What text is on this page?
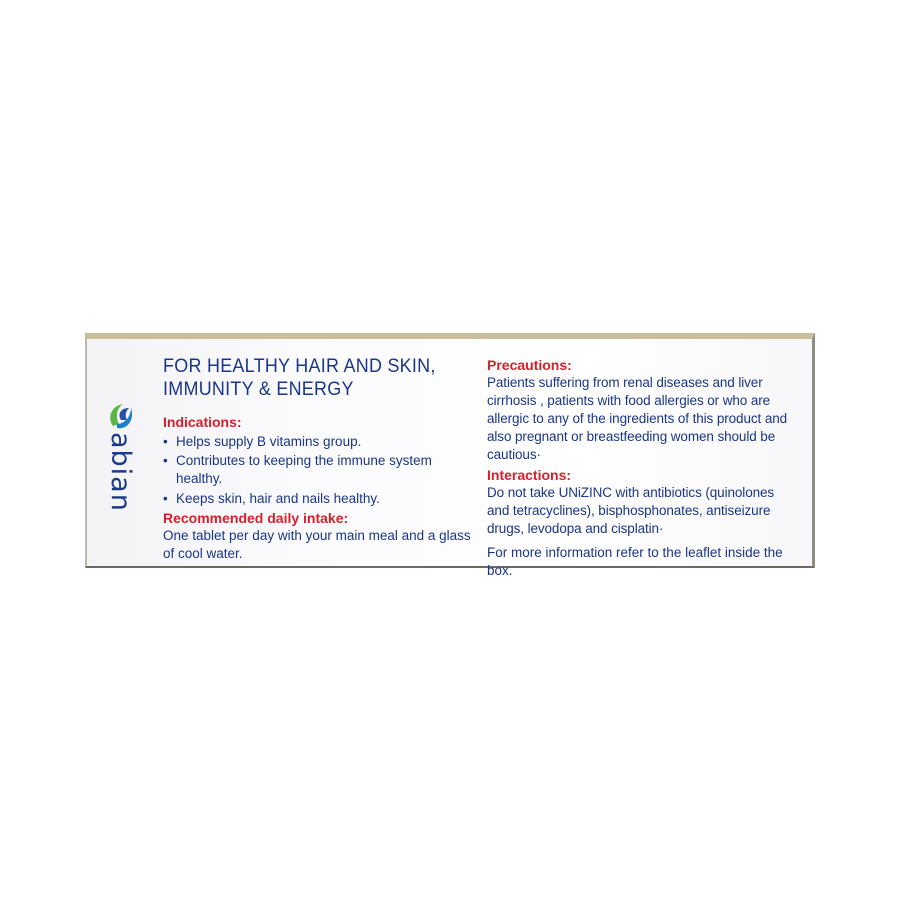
abian
FOR HEALTHY HAIR AND SKIN,
IMMUNITY & ENERGY

Indications:

• Helps supply B vitamins group.
• Contributes to keeping the immune system healthy.
• Keeps skin, hair and nails healthy.

Recommended daily intake:

One tablet per day with your main meal and a glass of cool water.

Precautions:

Patients suffering from renal diseases and liver cirrhosis , patients with food allergies or who are allergic to any of the ingredients of this product and also pregnant or breastfeeding women should be cautious·

Interactions:

Do not take UNiZINC with antibiotics (quinolones and tetracyclines), bisphosphonates, antiseizure drugs, levodopa and cisplatin·

For more information refer to the leaflet inside the box.
